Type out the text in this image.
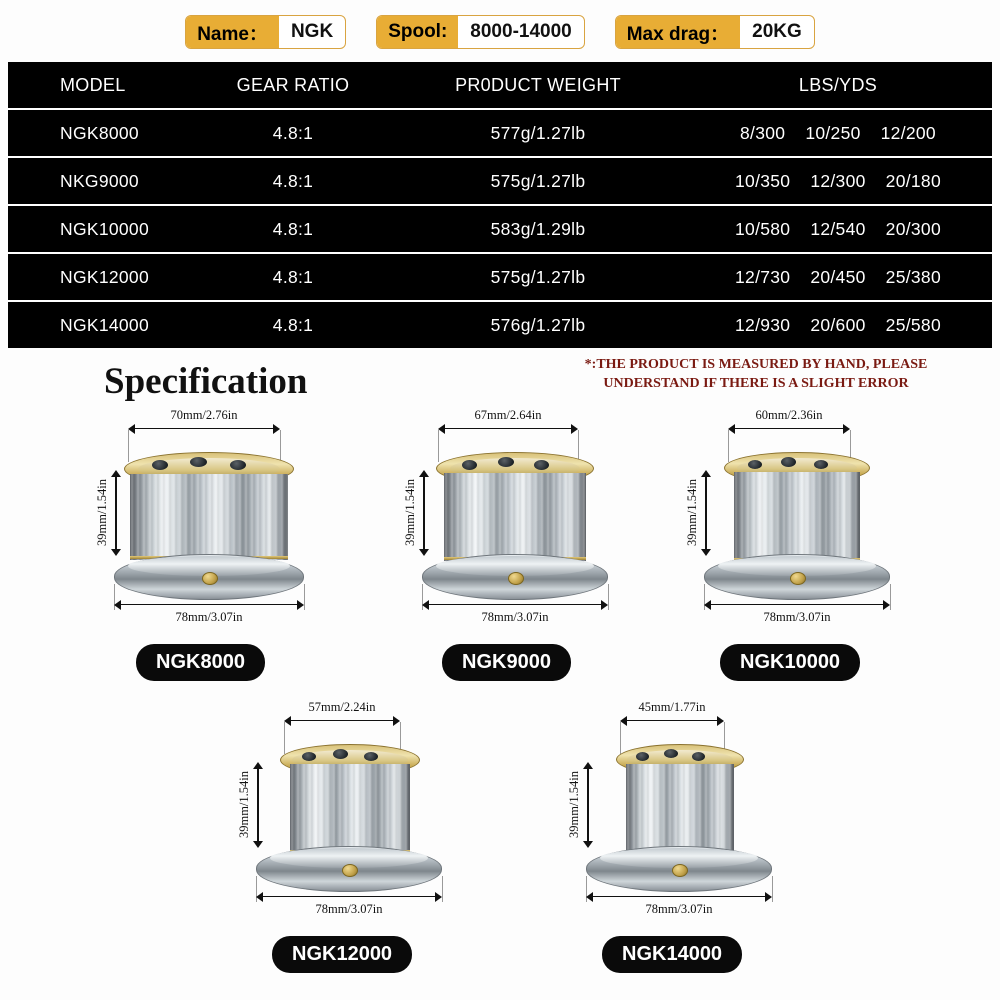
Name：	NGK	Spool:	8000-14000	Max drag：	20KG
MODEL	GEAR RATIO	PR0DUCT WEIGHT	LBS/YDS
NGK8000	4.8:1	577g/1.27lb	8/300 10/250 12/200
NKG9000	4.8:1	575g/1.27lb	10/350 12/300 20/180
NGK10000	4.8:1	583g/1.29lb	10/580 12/540 20/300
NGK12000	4.8:1	575g/1.27lb	12/730 20/450 25/380
NGK14000	4.8:1	576g/1.27lb	12/930 20/600 25/580
Specification	*:THE PRODUCT IS MEASURED BY HAND, PLEASE UNDERSTAND IF THERE IS A SLIGHT ERROR
70mm/2.76in
39mm/1.54in
78mm/3.07in
NGK8000
67mm/2.64in
39mm/1.54in
78mm/3.07in
NGK9000
60mm/2.36in
39mm/1.54in
78mm/3.07in
NGK10000
57mm/2.24in
39mm/1.54in
78mm/3.07in
NGK12000
45mm/1.77in
39mm/1.54in
78mm/3.07in
NGK14000
